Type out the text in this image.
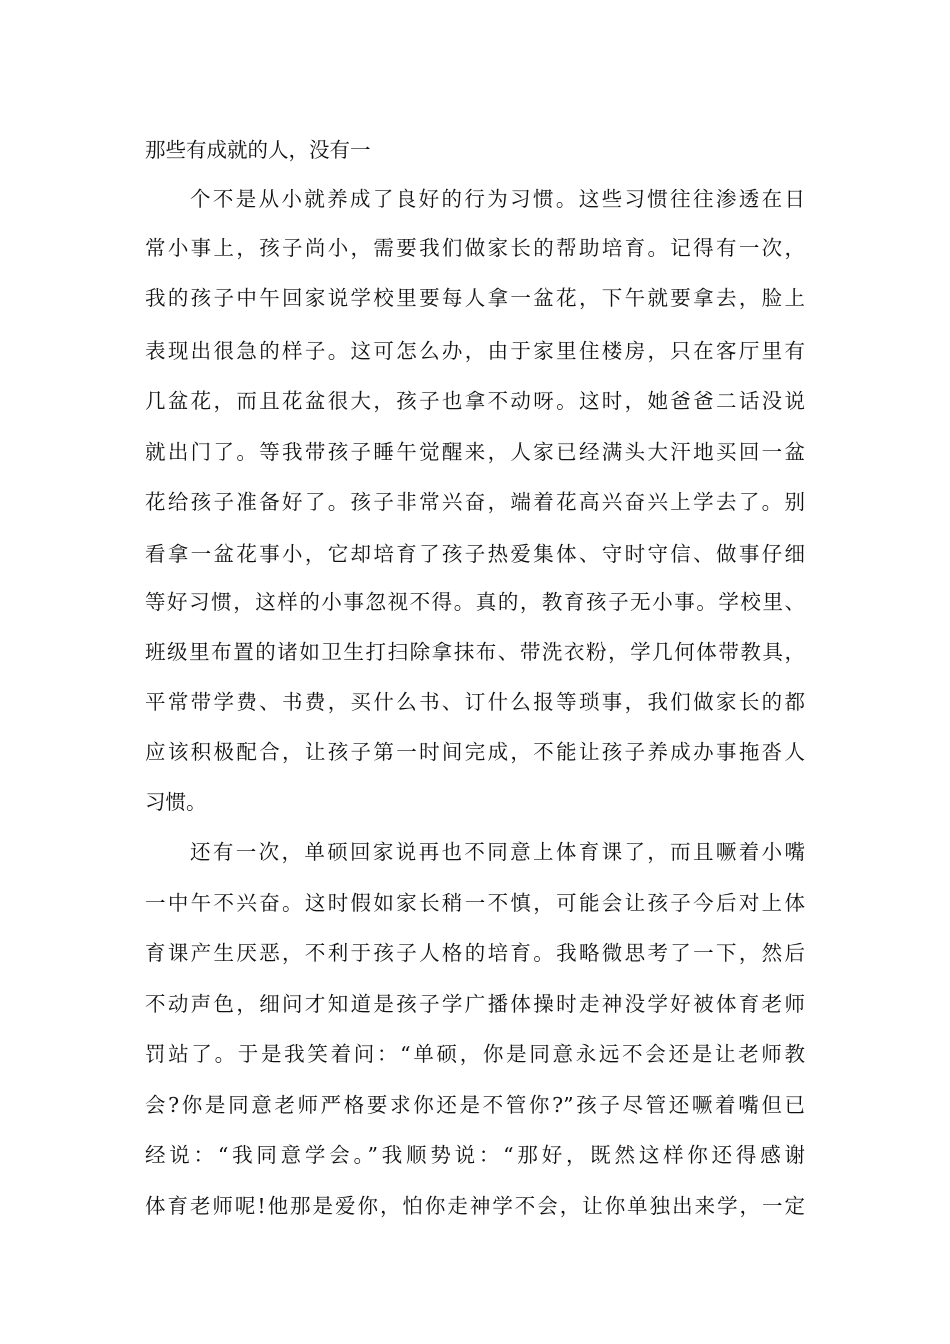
那些有成就的人，没有一
个不是从小就养成了良好的行为习惯。这些习惯往往渗透在日
常小事上，孩子尚小，需要我们做家长的帮助培育。记得有一次，
我的孩子中午回家说学校里要每人拿一盆花，下午就要拿去，脸上
表现出很急的样子。这可怎么办，由于家里住楼房，只在客厅里有
几盆花，而且花盆很大，孩子也拿不动呀。这时，她爸爸二话没说
就出门了。等我带孩子睡午觉醒来，人家已经满头大汗地买回一盆
花给孩子准备好了。孩子非常兴奋，端着花高兴奋兴上学去了。别
看拿一盆花事小，它却培育了孩子热爱集体、守时守信、做事仔细
等好习惯，这样的小事忽视不得。真的，教育孩子无小事。学校里、
班级里布置的诸如卫生打扫除拿抹布、带洗衣粉，学几何体带教具，
平常带学费、书费，买什么书、订什么报等琐事，我们做家长的都
应该积极配合，让孩子第一时间完成，不能让孩子养成办事拖沓人
习惯。
还有一次，单硕回家说再也不同意上体育课了，而且噘着小嘴
一中午不兴奋。这时假如家长稍一不慎，可能会让孩子今后对上体
育课产生厌恶，不利于孩子人格的培育。我略微思考了一下，然后
不动声色，细问才知道是孩子学广播体操时走神没学好被体育老师
罚站了。于是我笑着问：“单硕，你是同意永远不会还是让老师教
会?你是同意老师严格要求你还是不管你?”孩子尽管还噘着嘴但已
经说：“我同意学会。”我顺势说：“那好，既然这样你还得感谢
体育老师呢!他那是爱你，怕你走神学不会，让你单独出来学，一定
